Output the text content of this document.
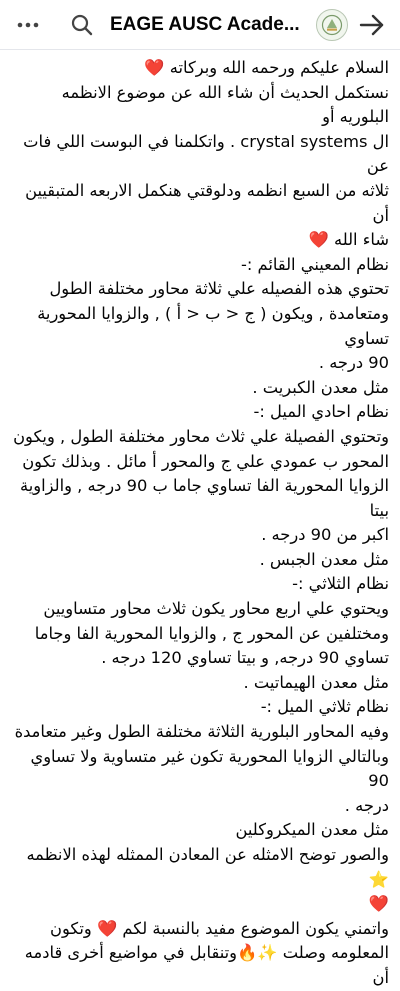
EAGE AUSC Acade...

السلام عليكم ورحمه الله وبركاته ❤️

نستكمل الحديث أن شاء الله عن موضوع الانظمه البلوريه أو

ال crystal systems . واتكلمنا في البوست اللي فات عن

ثلاثه من السبع انظمه ودلوقتي هنكمل الاربعه المتبقيين أن

شاء الله ❤️

نظام المعيني القائم :-

تحتوي هذه الفصيله علي ثلاثة محاور مختلفة الطول

ومتعامدة , ويكون ( ج < ب < أ ) , والزوايا المحورية تساوي

90 درجه .

مثل معدن الكبريت .

نظام احادي الميل :-

وتحتوي الفصيلة علي ثلاث محاور مختلفة الطول , ويكون

المحور ب عمودي علي ج والمحور أ مائل . وبذلك تكون

الزوايا المحورية الفا تساوي جاما ب 90 درجه , والزاوية بيتا

اكبر من 90 درجه .

مثل معدن الجبس .

نظام الثلاثي :-

ويحتوي علي اربع محاور يكون ثلاث محاور متساويين

ومختلفين عن المحور ج , والزوايا المحورية الفا وجاما

تساوي 90 درجه, و بيتا تساوي 120 درجه .

مثل معدن الهيماتيت .

نظام ثلاثي الميل :-

وفيه المحاور البلورية الثلاثة مختلفة الطول وغير متعامدة

وبالتالي الزوايا المحورية تكون غير متساوية ولا تساوي 90

درجه .

مثل معدن الميكروكلين

والصور توضح الامثله عن المعادن الممثله لهذه الانظمه ⭐

❤️

واتمني يكون الموضوع مفيد بالنسبة لكم ❤️ وتكون

المعلومه وصلت ✨🔥وتنقابل في مواضيع أخرى قادمه أن
